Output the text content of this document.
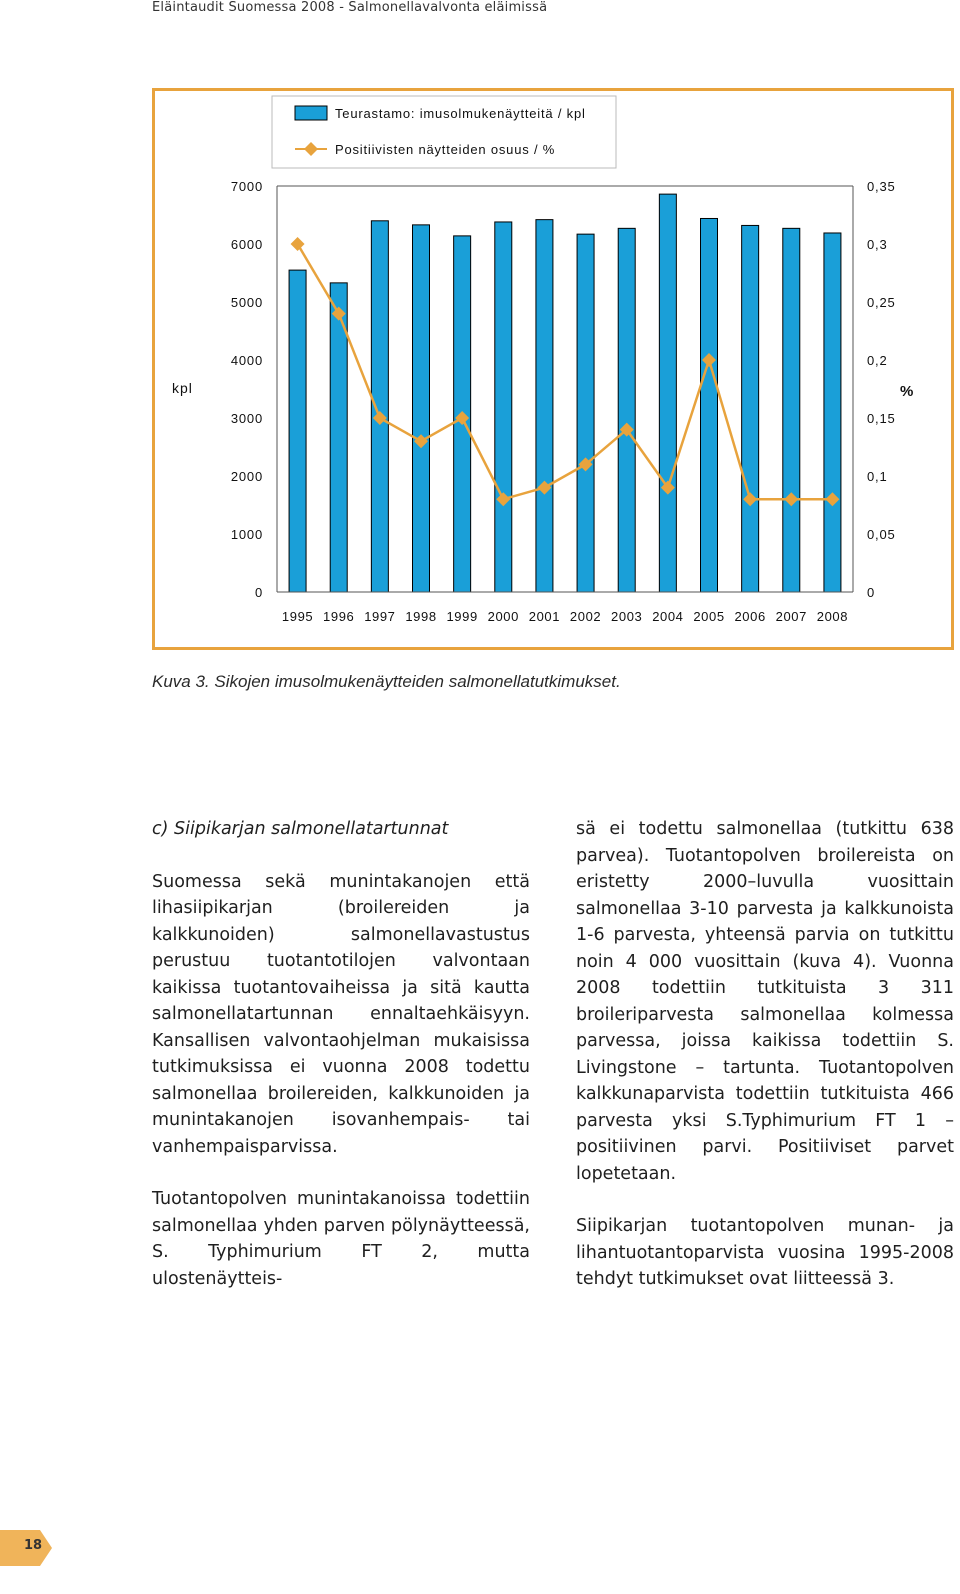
Eläintaudit Suomessa 2008 - Salmonellavalvonta eläimissä
Teurastamo: imusolmukenäytteitä / kpl
Positiivisten näytteiden osuus / %
0
1000
2000
3000
4000
5000
6000
7000
0
0,05
0,1
0,15
0,2
0,25
0,3
0,35
kpl	%
1995 1996 1997 1998 1999 2000 2001 2002 2003 2004 2005 2006 2007 2008
Kuva 3. Sikojen imusolmukenäytteiden salmonellatutkimukset.

c) Siipikarjan salmonellatartunnat

Suomessa sekä munintakanojen että lihasiipikarjan (broilereiden ja kalkkunoiden) salmonellavastustus perustuu tuotantotilojen valvontaan kaikissa tuotantovaiheissa ja sitä kautta salmonellatartunnan ennaltaehkäisyyn. Kansallisen valvontaohjelman mukaisissa tutkimuksissa ei vuonna 2008 todettu salmonellaa broilereiden, kalkkunoiden ja munintakanojen isovanhempais- tai vanhempaisparvissa.

Tuotantopolven munintakanoissa todettiin salmonellaa yhden parven pölynäytteessä, S. Typhimurium FT 2, mutta ulostenäytteis-

sä ei todettu salmonellaa (tutkittu 638 parvea). Tuotantopolven broilereista on eristetty 2000–luvulla vuosittain salmonellaa 3-10 parvesta ja kalkkunoista 1-6 parvesta, yhteensä parvia on tutkittu noin 4 000 vuosittain (kuva 4). Vuonna 2008 todettiin tutkituista 3 311 broileriparvesta salmonellaa kolmessa parvessa, joissa kaikissa todettiin S. Livingstone – tartunta. Tuotantopolven kalkkunaparvista todettiin tutkituista 466 parvesta yksi S.Typhimurium FT 1 – positiivinen parvi. Positiiviset parvet lopetetaan.

Siipikarjan tuotantopolven munan- ja lihantuotantoparvista vuosina 1995-2008 tehdyt tutkimukset ovat liitteessä 3.

18
